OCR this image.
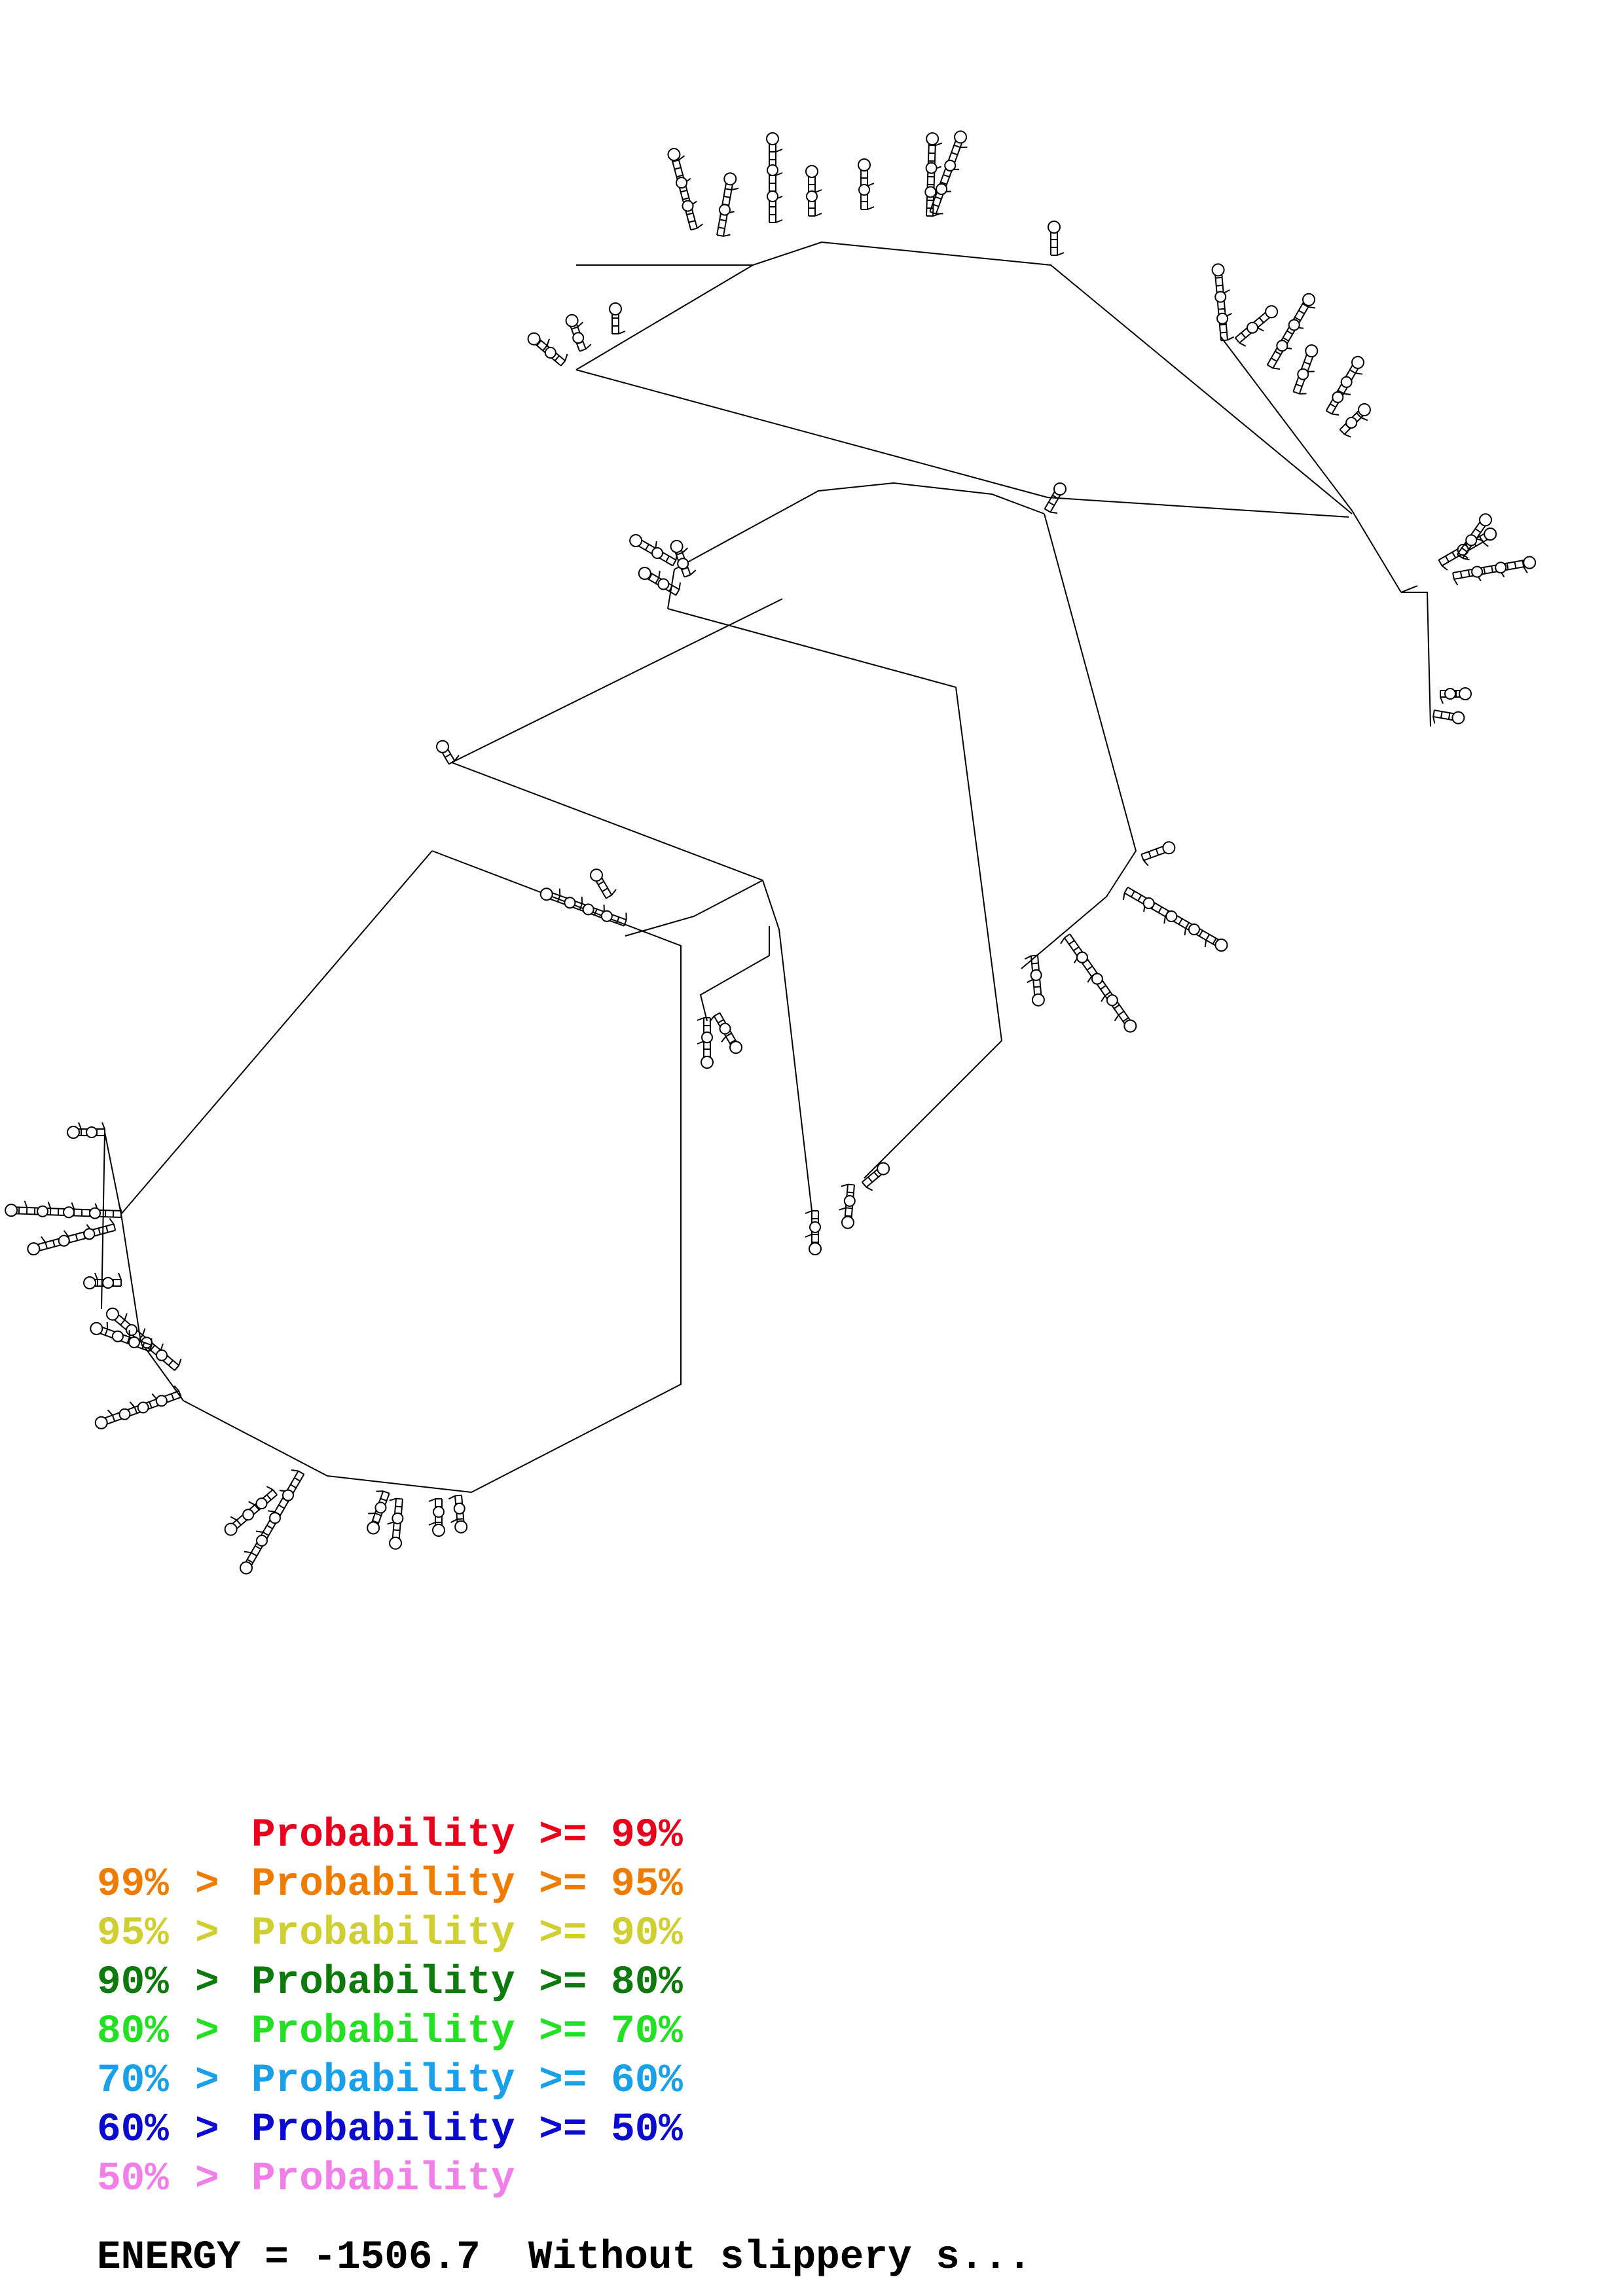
Probability >= 99%
99% > Probability >= 95%
95% > Probability >= 90%
90% > Probability >= 80%
80% > Probability >= 70%
70% > Probability >= 60%
60% > Probability >= 50%
50% > Probability
ENERGY = -1506.7  Without slippery s...
